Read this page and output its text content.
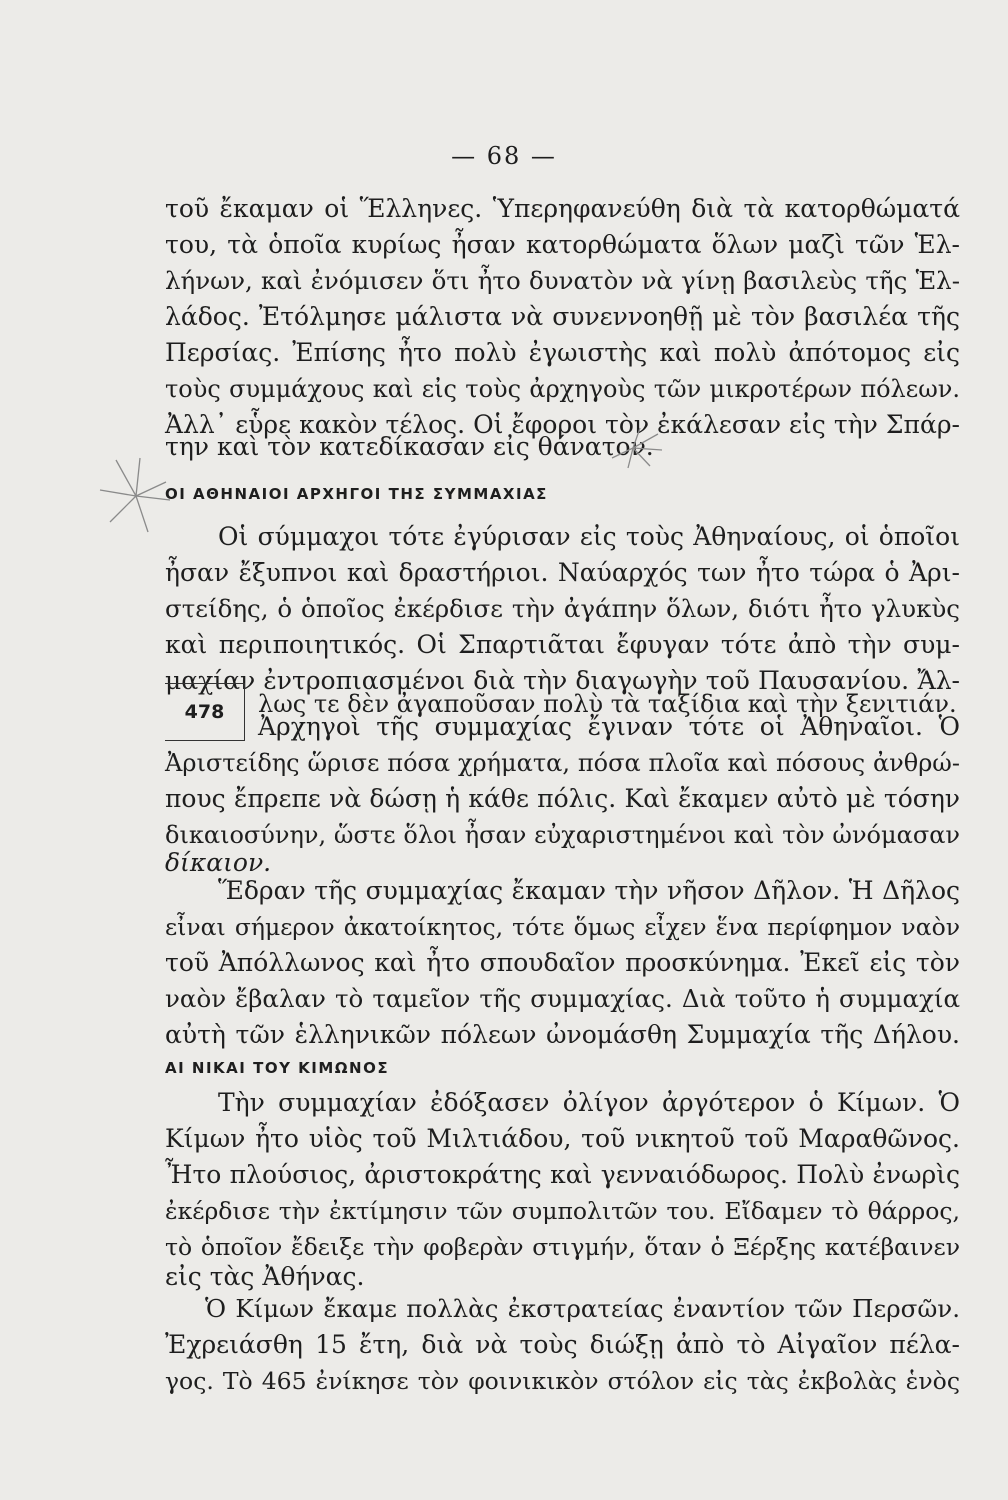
— 68 —

τοῦ ἔκαμαν οἱ Ἕλληνες. Ὑπερηφανεύθη διὰ τὰ κατορθώματά

του, τὰ ὁποῖα κυρίως ἦσαν κατορθώματα ὅλων μαζὶ τῶν Ἑλ-

λήνων, καὶ ἐνόμισεν ὅτι ἦτο δυνατὸν νὰ γίνῃ βασιλεὺς τῆς Ἑλ-

λάδος. Ἐτόλμησε μάλιστα νὰ συνεννοηθῇ μὲ τὸν βασιλέα τῆς

Περσίας. Ἐπίσης ἦτο πολὺ ἐγωιστὴς καὶ πολὺ ἀπότομος εἰς

τοὺς συμμάχους καὶ εἰς τοὺς ἀρχηγοὺς τῶν μικροτέρων πόλεων.

Ἀλλ᾿ εὗρε κακὸν τέλος. Οἱ ἔφοροι τὸν ἐκάλεσαν εἰς τὴν Σπάρ-

την καὶ τὸν κατεδίκασαν εἰς θάνατον.

ΟΙ ΑΘΗΝΑΙΟΙ ΑΡΧΗΓΟΙ ΤΗΣ ΣΥΜΜΑΧΙΑΣ

Οἱ σύμμαχοι τότε ἐγύρισαν εἰς τοὺς Ἀθηναίους, οἱ ὁποῖοι

ἦσαν ἔξυπνοι καὶ δραστήριοι. Ναύαρχός των ἦτο τώρα ὁ Ἀρι-

στείδης, ὁ ὁποῖος ἐκέρδισε τὴν ἀγάπην ὅλων, διότι ἦτο γλυκὺς

καὶ περιποιητικός. Οἱ Σπαρτιᾶται ἔφυγαν τότε ἀπὸ τὴν συμ-

μαχίαν ἐντροπιασμένοι διὰ τὴν διαγωγὴν τοῦ Παυσανίου. Ἄλ-

478	λως τε δὲν ἀγαποῦσαν πολὺ τὰ ταξίδια καὶ τὴν ξενιτιάν.

Ἀρχηγοὶ τῆς συμμαχίας ἔγιναν τότε οἱ Ἀθηναῖοι. Ὁ

Ἀριστείδης ὥρισε πόσα χρήματα, πόσα πλοῖα καὶ πόσους ἀνθρώ-

πους ἔπρεπε νὰ δώσῃ ἡ κάθε πόλις. Καὶ ἔκαμεν αὐτὸ μὲ τόσην

δικαιοσύνην, ὥστε ὅλοι ἦσαν εὐχαριστημένοι καὶ τὸν ὠνόμασαν

δίκαιον.

Ἕδραν τῆς συμμαχίας ἔκαμαν τὴν νῆσον Δῆλον. Ἡ Δῆλος

εἶναι σήμερον ἀκατοίκητος, τότε ὅμως εἶχεν ἕνα περίφημον ναὸν

τοῦ Ἀπόλλωνος καὶ ἦτο σπουδαῖον προσκύνημα. Ἐκεῖ εἰς τὸν

ναὸν ἔβαλαν τὸ ταμεῖον τῆς συμμαχίας. Διὰ τοῦτο ἡ συμμαχία

αὐτὴ τῶν ἑλληνικῶν πόλεων ὠνομάσθη Συμμαχία τῆς Δήλου.

ΑΙ ΝΙΚΑΙ ΤΟΥ ΚΙΜΩΝΟΣ

Τὴν συμμαχίαν ἐδόξασεν ὀλίγον ἀργότερον ὁ Κίμων. Ὁ

Κίμων ἦτο υἱὸς τοῦ Μιλτιάδου, τοῦ νικητοῦ τοῦ Μαραθῶνος.

Ἦτο πλούσιος, ἀριστοκράτης καὶ γενναιόδωρος. Πολὺ ἐνωρὶς

ἐκέρδισε τὴν ἐκτίμησιν τῶν συμπολιτῶν του. Εἴδαμεν τὸ θάρρος,

τὸ ὁποῖον ἔδειξε τὴν φοβερὰν στιγμήν, ὅταν ὁ Ξέρξης κατέβαινεν

εἰς τὰς Ἀθήνας.

Ὁ Κίμων ἔκαμε πολλὰς ἐκστρατείας ἐναντίον τῶν Περσῶν.

Ἐχρειάσθη 15 ἔτη, διὰ νὰ τοὺς διώξῃ ἀπὸ τὸ Αἰγαῖον πέλα-

γος. Τὸ 465 ἐνίκησε τὸν φοινικικὸν στόλον εἰς τὰς ἐκβολὰς ἑνὸς
